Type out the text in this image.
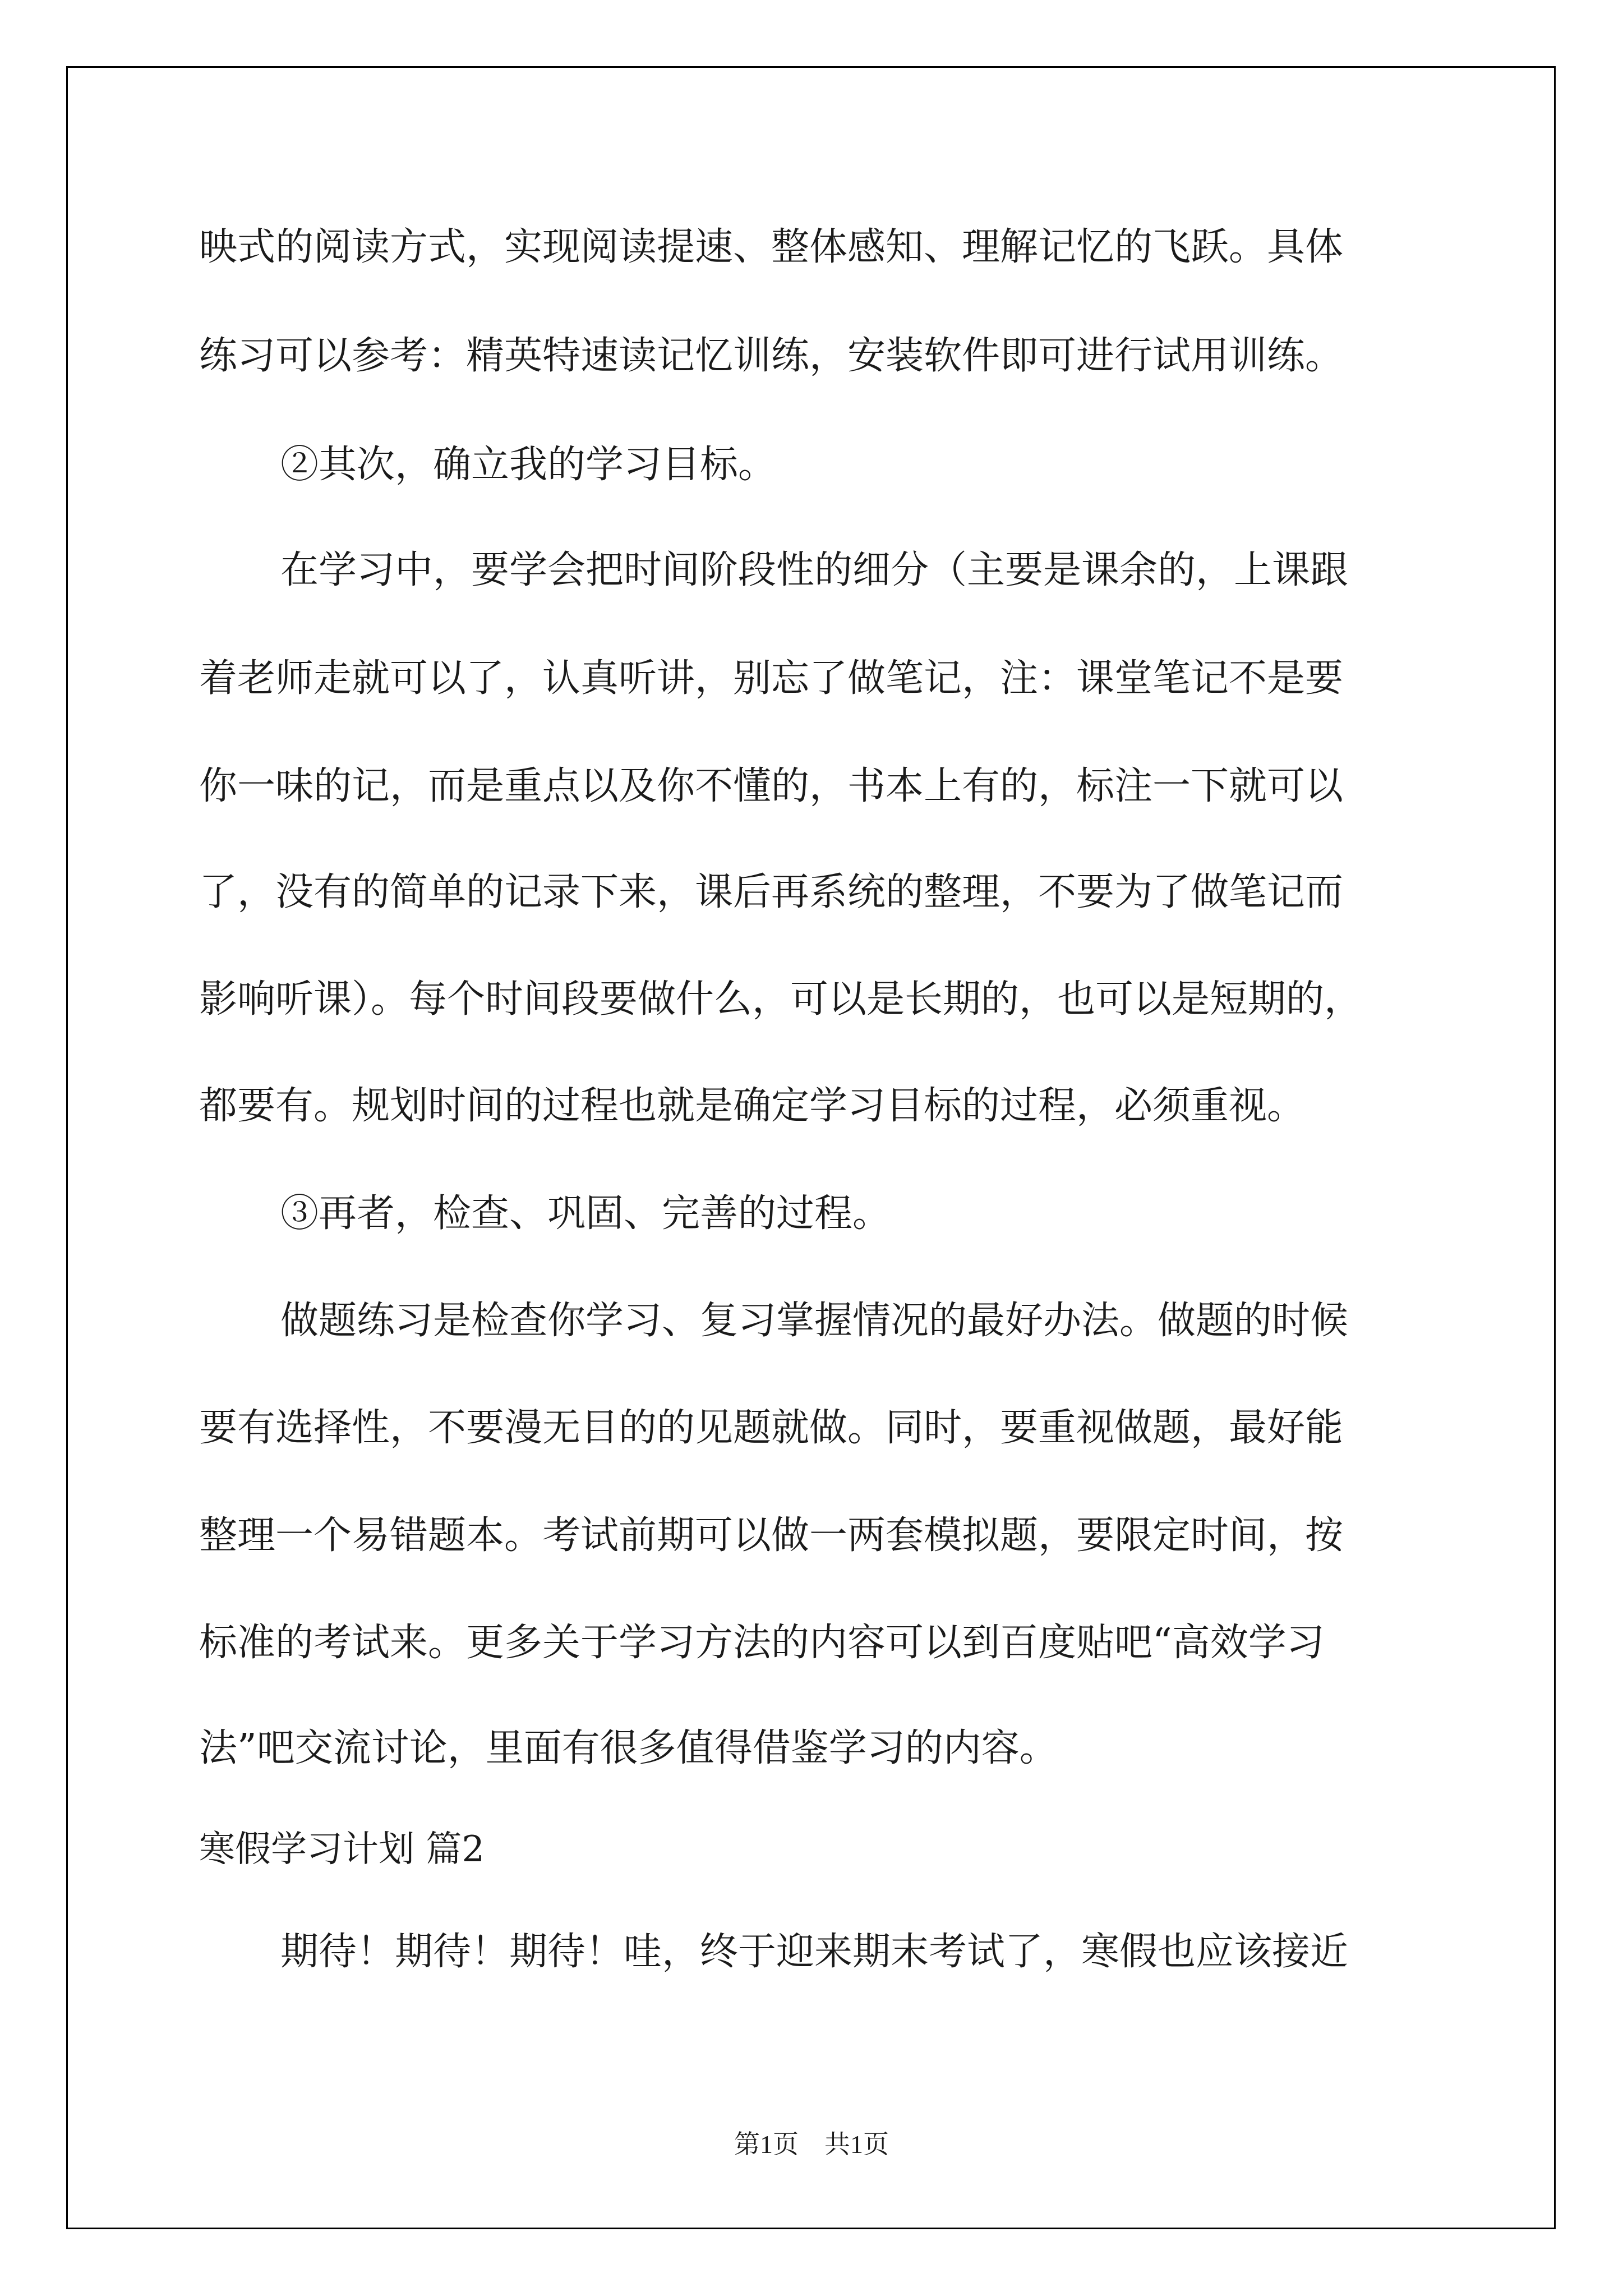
映式的阅读方式，实现阅读提速、整体感知、理解记忆的飞跃。具体

练习可以参考：精英特速读记忆训练，安装软件即可进行试用训练。

②其次，确立我的学习目标。

在学习中，要学会把时间阶段性的细分（主要是课余的，上课跟

着老师走就可以了，认真听讲，别忘了做笔记，注：课堂笔记不是要

你一味的记，而是重点以及你不懂的，书本上有的，标注一下就可以

了，没有的简单的记录下来，课后再系统的整理，不要为了做笔记而

影响听课）。每个时间段要做什么，可以是长期的，也可以是短期的，

都要有。规划时间的过程也就是确定学习目标的过程，必须重视。

③再者，检查、巩固、完善的过程。

做题练习是检查你学习、复习掌握情况的最好办法。做题的时候

要有选择性，不要漫无目的的见题就做。同时，要重视做题，最好能

整理一个易错题本。考试前期可以做一两套模拟题，要限定时间，按

标准的考试来。更多关于学习方法的内容可以到百度贴吧“高效学习

法”吧交流讨论，里面有很多值得借鉴学习的内容。

寒假学习计划 篇2

期待！期待！期待！哇，终于迎来期末考试了，寒假也应该接近

第1页　共1页
